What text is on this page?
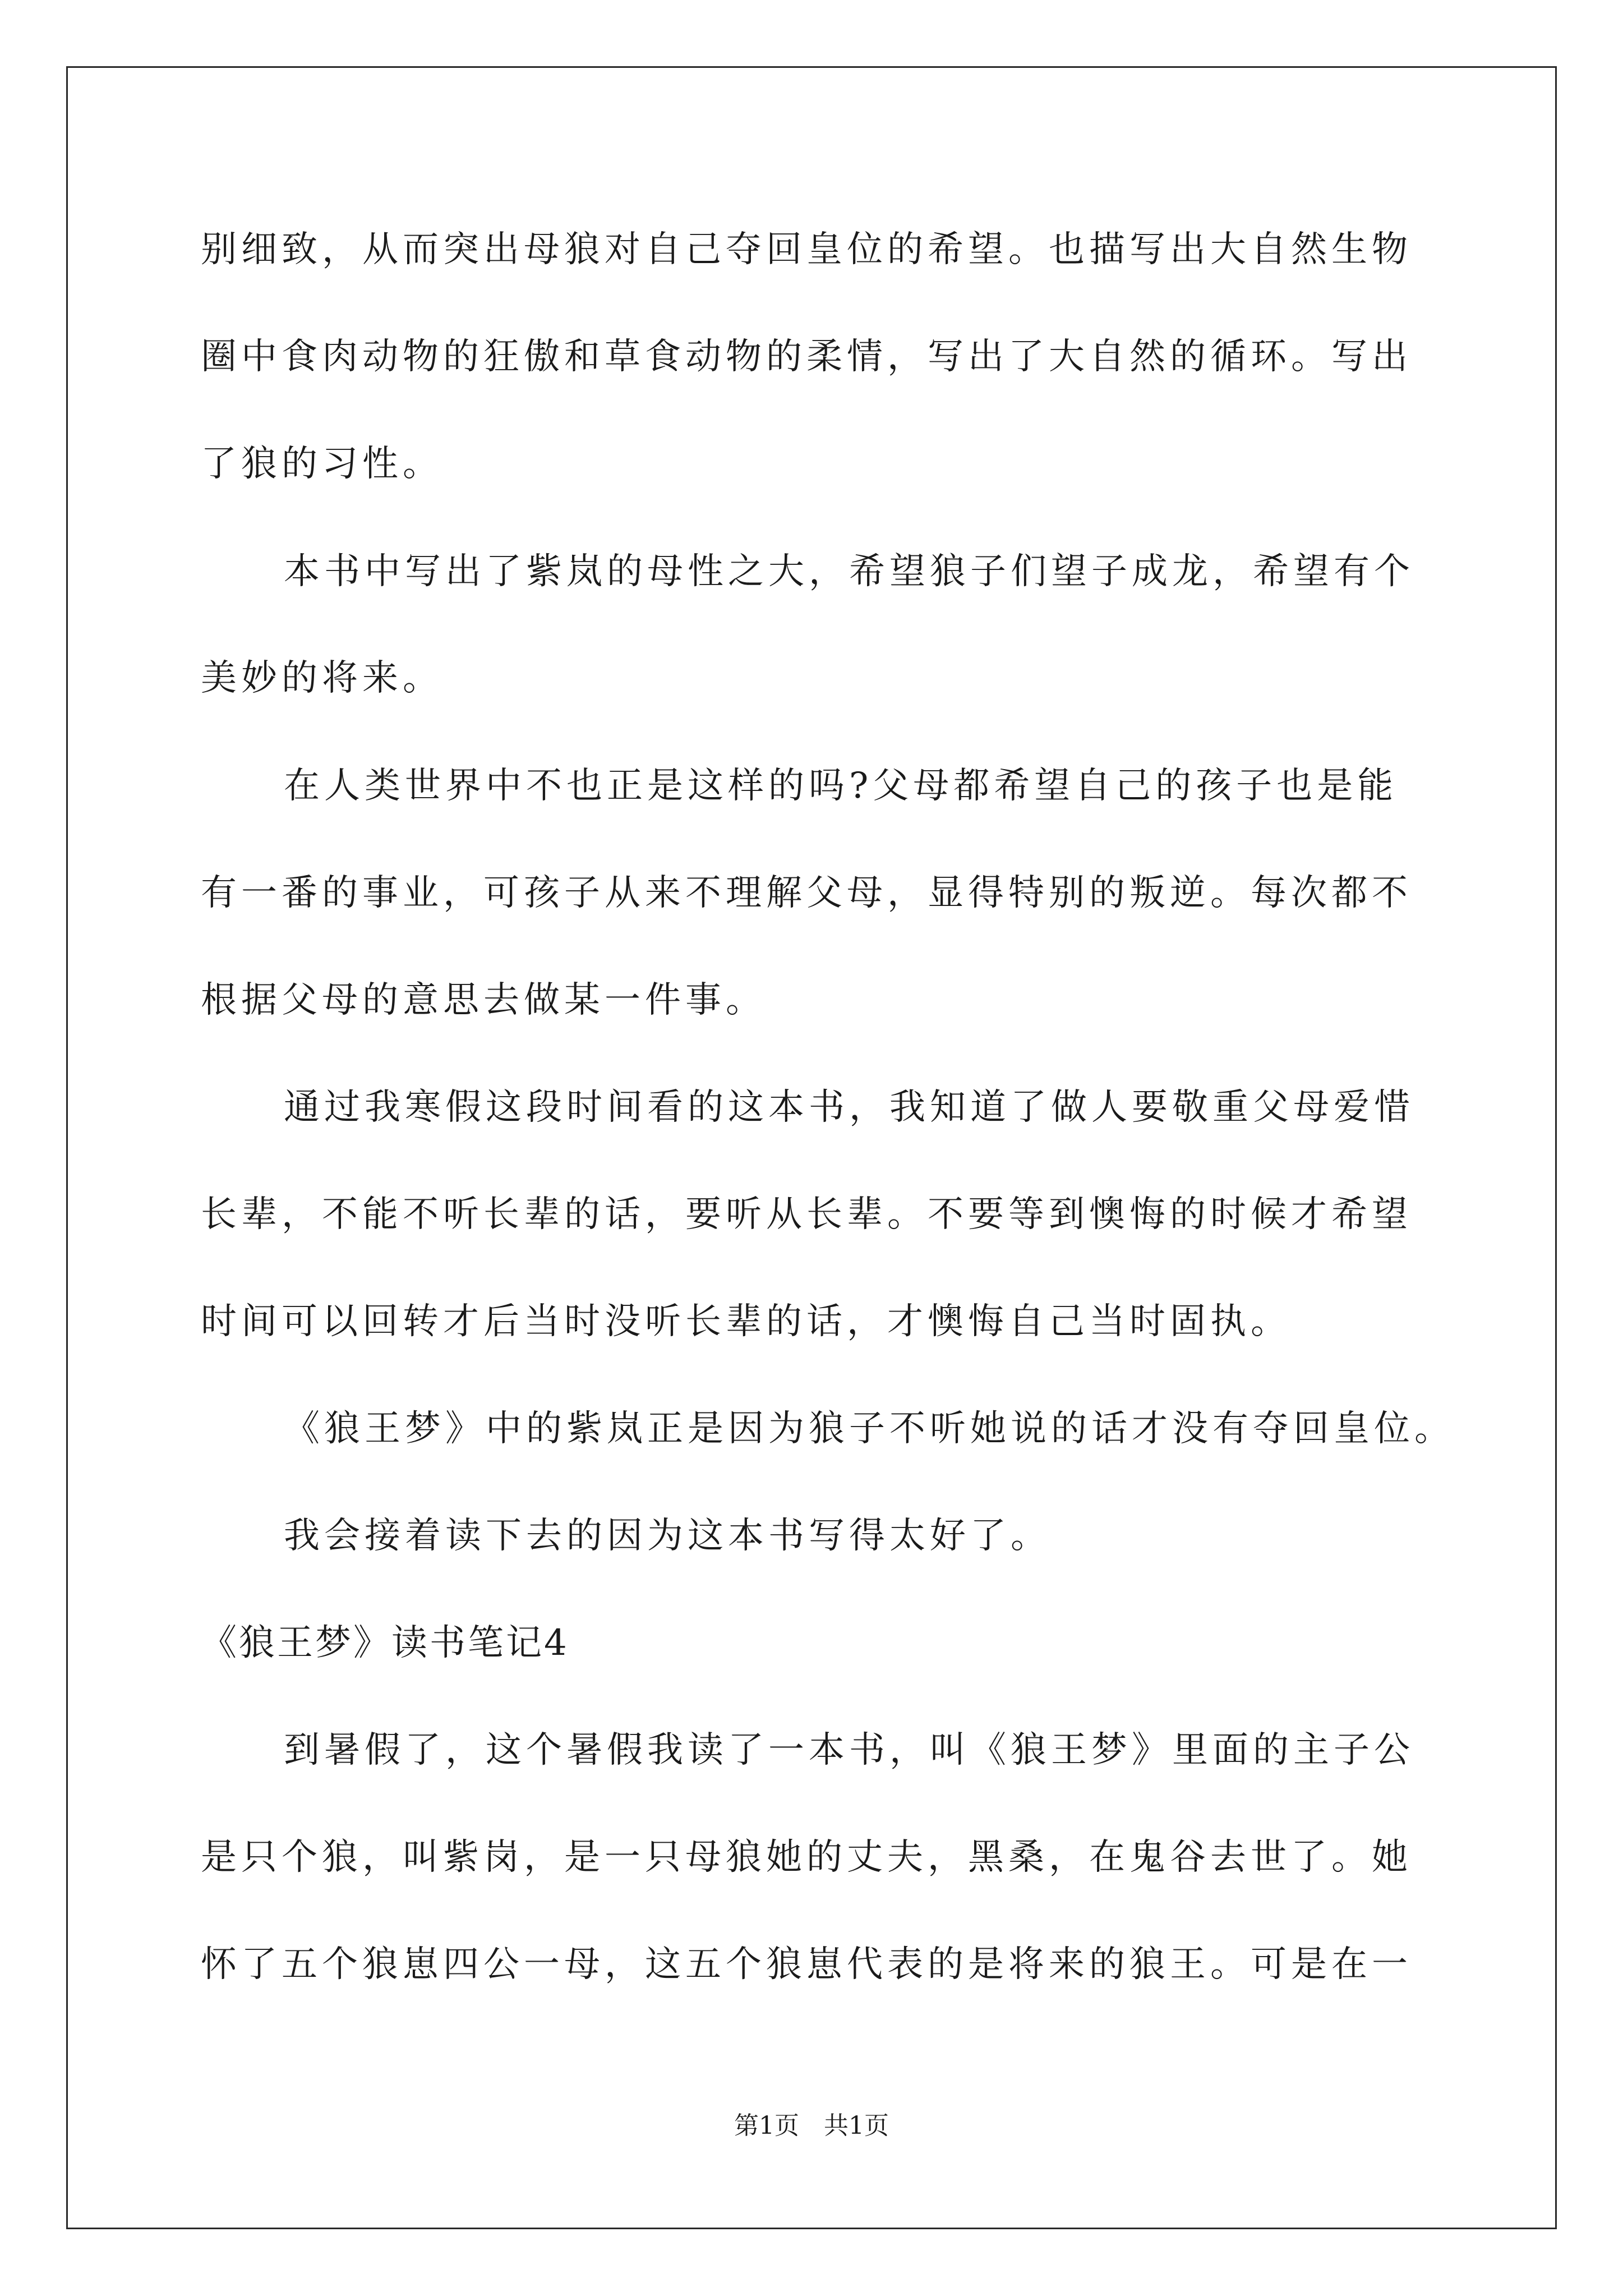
别细致，从而突出母狼对自己夺回皇位的希望。也描写出大自然生物
圈中食肉动物的狂傲和草食动物的柔情，写出了大自然的循环。写出
了狼的习性。
本书中写出了紫岚的母性之大，希望狼子们望子成龙，希望有个
美妙的将来。
在人类世界中不也正是这样的吗?父母都希望自己的孩子也是能
有一番的事业，可孩子从来不理解父母，显得特别的叛逆。每次都不
根据父母的意思去做某一件事。
通过我寒假这段时间看的这本书，我知道了做人要敬重父母爱惜
长辈，不能不听长辈的话，要听从长辈。不要等到懊悔的时候才希望
时间可以回转才后当时没听长辈的话，才懊悔自己当时固执。
《狼王梦》中的紫岚正是因为狼子不听她说的话才没有夺回皇位。
我会接着读下去的因为这本书写得太好了。
《狼王梦》读书笔记4
到暑假了，这个暑假我读了一本书，叫《狼王梦》里面的主子公
是只个狼，叫紫岗，是一只母狼她的丈夫，黑桑，在鬼谷去世了。她
怀了五个狼崽四公一母，这五个狼崽代表的是将来的狼王。可是在一
第1页　共1页
